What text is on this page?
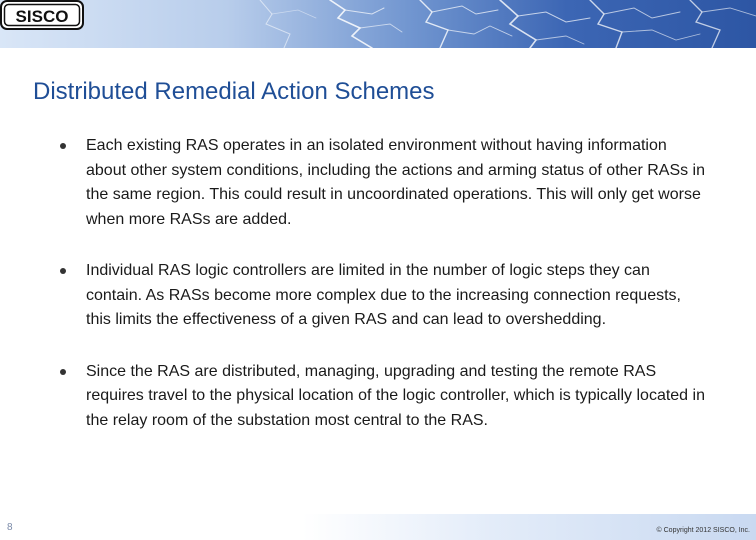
SISCO
Distributed Remedial Action Schemes
Each existing RAS operates in an isolated environment without having information about other system conditions, including the actions and arming status of other RASs in the same region. This could result in uncoordinated operations. This will only get worse when more RASs are added.
Individual RAS logic controllers are limited in the number of logic steps they can contain. As RASs become more complex due to the increasing connection requests, this limits the effectiveness of a given RAS and can lead to overshedding.
Since the RAS are distributed, managing, upgrading and testing the remote RAS requires travel to the physical location of the logic controller, which is typically located in the relay room of the substation most central to the RAS.
8	© Copyright 2012 SISCO, Inc.
